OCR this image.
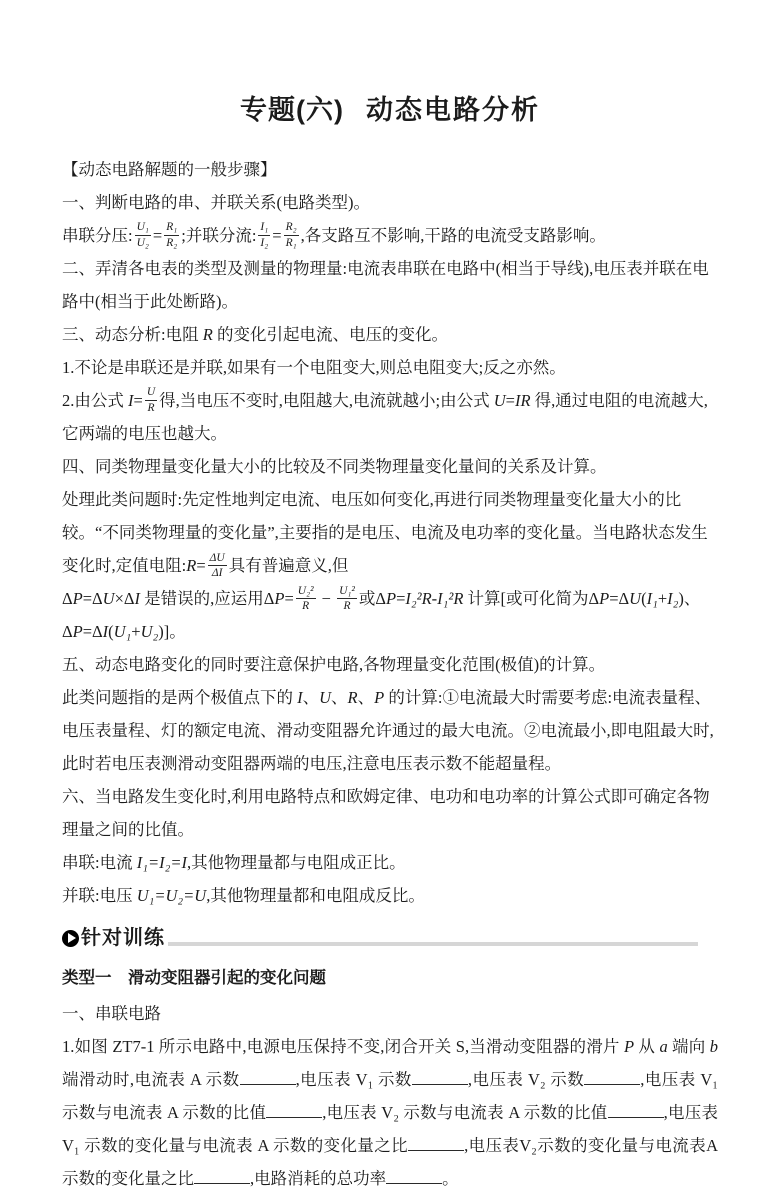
专题(六) 动态电路分析

【动态电路解题的一般步骤】

一、判断电路的串、并联关系(电路类型)。

串联分压: $\frac{\text{U₁}}{\text{U₂}} = \frac{\text{R₁}}{\text{R₂}}$ ;并联分流: $\frac{\text{I₁}}{\text{I₂}} = \frac{\text{R₂}}{\text{R₁}}$ ,各支路互不影响,干路的电流受支路影响。

二、弄清各电表的类型及测量的物理量:电流表串联在电路中(相当于导线),电压表并联在电路中(相当于此处断路)。

三、动态分析:电阻 R 的变化引起电流、电压的变化。

1.不论是串联还是并联,如果有一个电阻变大,则总电阻变大;反之亦然。

2.由公式 $I= \frac{U}{R}$ 得,当电压不变时,电阻越大,电流就越小;由公式 U=IR 得,通过电阻的电流越大,它两端的电压也越大。

四、同类物理量变化量大小的比较及不同类物理量变化量间的关系及计算。

处理此类问题时:先定性地判定电流、电压如何变化,再进行同类物理量变化量大小的比较。“不同类物理量的变化量”,主要指的是电压、电流及电功率的变化量。当电路状态发生变化时,定值电阻:R= $\frac{\Delta U}{\Delta I}$ 具有普遍意义,但

ΔP=ΔU×ΔI 是错误的,应运用$\Delta P= \frac{\text{U₂²}}{R} - \frac{\text{U₁²}}{R}$ 或ΔP=I₂²R-I₁²R 计算[或可化简为ΔP=ΔU(I₁+I₂)、ΔP=ΔI(U₁+U₂)]。

五、动态电路变化的同时要注意保护电路,各物理量变化范围(极值)的计算。

此类问题指的是两个极值点下的 I、U、R、P 的计算:①电流最大时需要考虑:电流表量程、电压表量程、灯的额定电流、滑动变阻器允许通过的最大电流。②电流最小,即电阻最大时,此时若电压表测滑动变阻器两端的电压,注意电压表示数不能超量程。

六、当电路发生变化时,利用电路特点和欧姆定律、电功和电功率的计算公式即可确定各物理量之间的比值。

串联:电流 I₁=I₂=I,其他物理量都与电阻成正比。

并联:电压 U₁=U₂=U,其他物理量都和电阻成反比。

针对训练

类型一　滑动变阻器引起的变化问题

一、串联电路

1.如图 ZT7-1 所示电路中,电源电压保持不变,闭合开关 S,当滑动变阻器的滑片 P 从 a 端向 b 端滑动时,电流表 A 示数	,电压表 V₁ 示数	,电压表 V₂ 示数	,电压表 V₁ 示数与电流表 A 示数的比值	,电压表 V₂ 示数与电流表 A 示数的比值	,电压表 V₁ 示数的变化量与电流表 A 示数的变化量之比	,电压表V₂示数的变化量与电流表A示数的变化量之比	,电路消耗的总功率	。
